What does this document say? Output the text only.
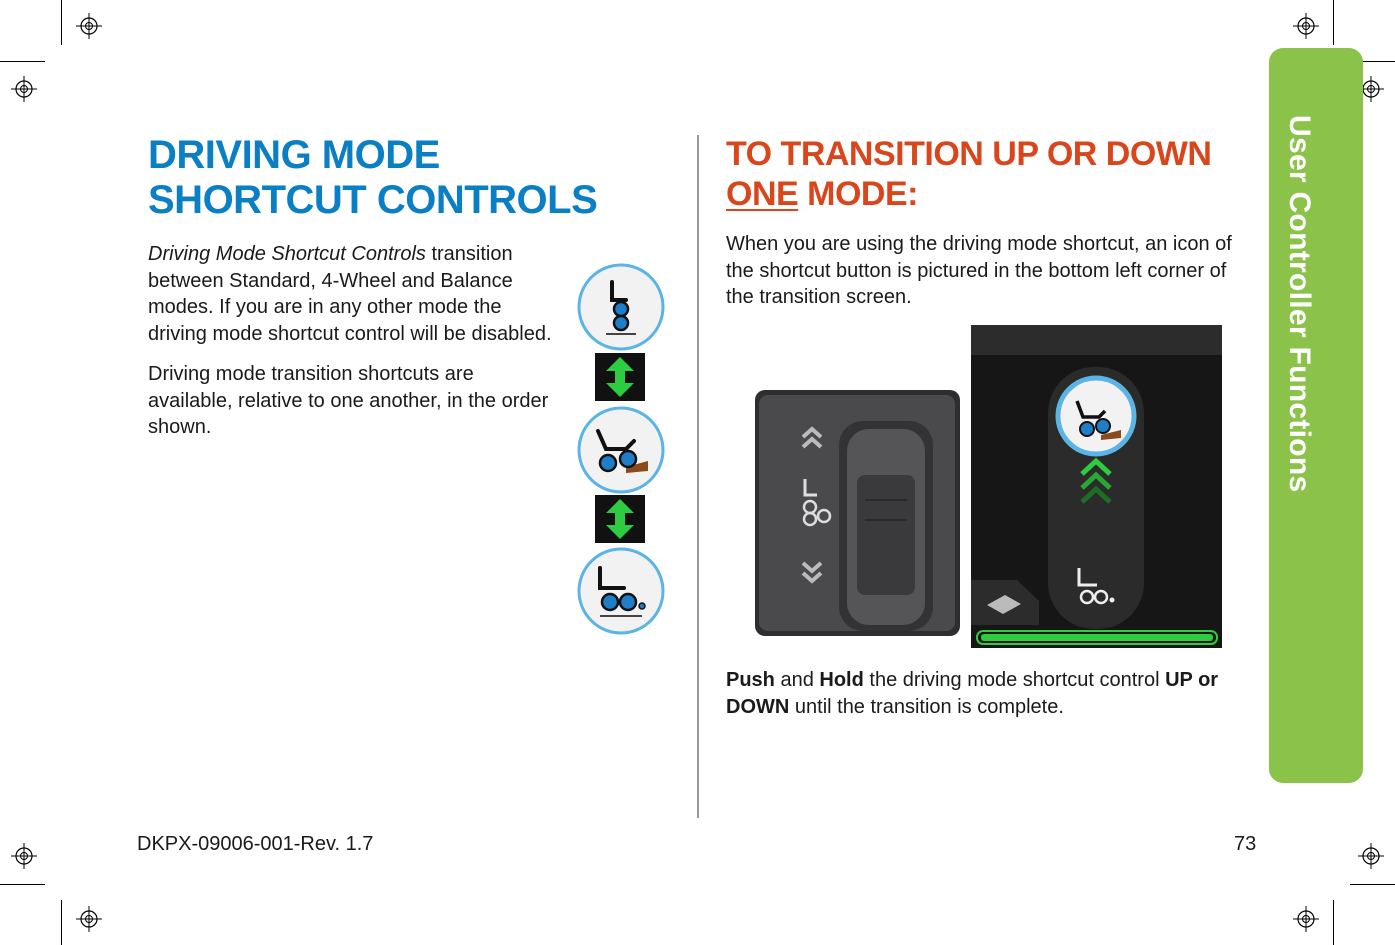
DRIVING MODE
SHORTCUT CONTROLS

Driving Mode Shortcut Controls transition between Standard, 4-Wheel and Balance modes. If you are in any other mode the driving mode shortcut control will be disabled.

Driving mode transition shortcuts are available, relative to one another, in the order shown.

TO TRANSITION UP OR DOWN ONE MODE:
When you are using the driving mode shortcut, an icon of the shortcut button is pictured in the bottom left corner of the transition screen.
Push and Hold the driving mode shortcut control UP or DOWN until the transition is complete.
User Controller Functions
DKPX-09006-001-Rev. 1.7	73
